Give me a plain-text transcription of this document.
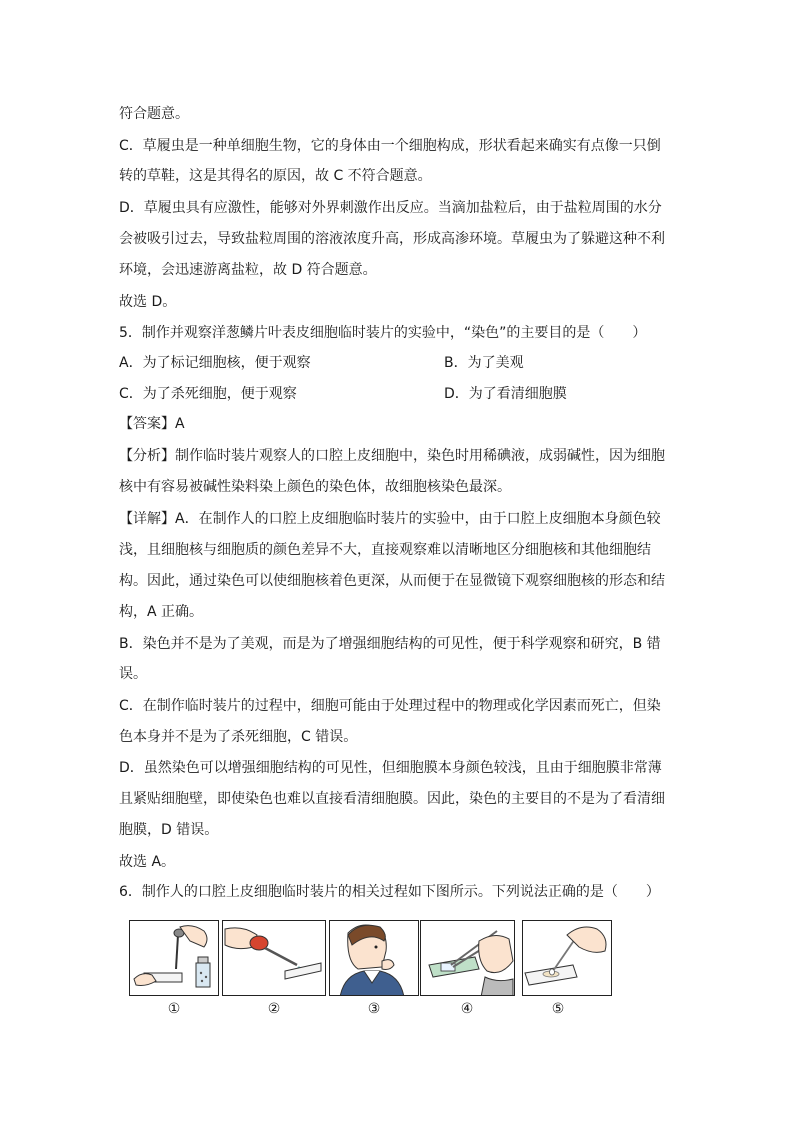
符合题意。
C．草履虫是一种单细胞生物，它的身体由一个细胞构成，形状看起来确实有点像一只倒
转的草鞋，这是其得名的原因，故 C 不符合题意。
D．草履虫具有应激性，能够对外界刺激作出反应。当滴加盐粒后，由于盐粒周围的水分
会被吸引过去，导致盐粒周围的溶液浓度升高，形成高渗环境。草履虫为了躲避这种不利
环境，会迅速游离盐粒，故 D 符合题意。
故选 D。
5．制作并观察洋葱鳞片叶表皮细胞临时装片的实验中，“染色”的主要目的是（　　）
A．为了标记细胞核，便于观察	B．为了美观
C．为了杀死细胞，便于观察	D．为了看清细胞膜
【答案】A
【分析】制作临时装片观察人的口腔上皮细胞中，染色时用稀碘液，成弱碱性，因为细胞
核中有容易被碱性染料染上颜色的染色体，故细胞核染色最深。
【详解】A．在制作人的口腔上皮细胞临时装片的实验中，由于口腔上皮细胞本身颜色较
浅，且细胞核与细胞质的颜色差异不大，直接观察难以清晰地区分细胞核和其他细胞结
构。因此，通过染色可以使细胞核着色更深，从而便于在显微镜下观察细胞核的形态和结
构，A 正确。
B．染色并不是为了美观，而是为了增强细胞结构的可见性，便于科学观察和研究，B 错
误。
C．在制作临时装片的过程中，细胞可能由于处理过程中的物理或化学因素而死亡，但染
色本身并不是为了杀死细胞，C 错误。
D．虽然染色可以增强细胞结构的可见性，但细胞膜本身颜色较浅，且由于细胞膜非常薄
且紧贴细胞壁，即使染色也难以直接看清细胞膜。因此，染色的主要目的不是为了看清细
胞膜，D 错误。
故选 A。
6．制作人的口腔上皮细胞临时装片的相关过程如下图所示。下列说法正确的是（　　）
①	②	③	④	⑤
